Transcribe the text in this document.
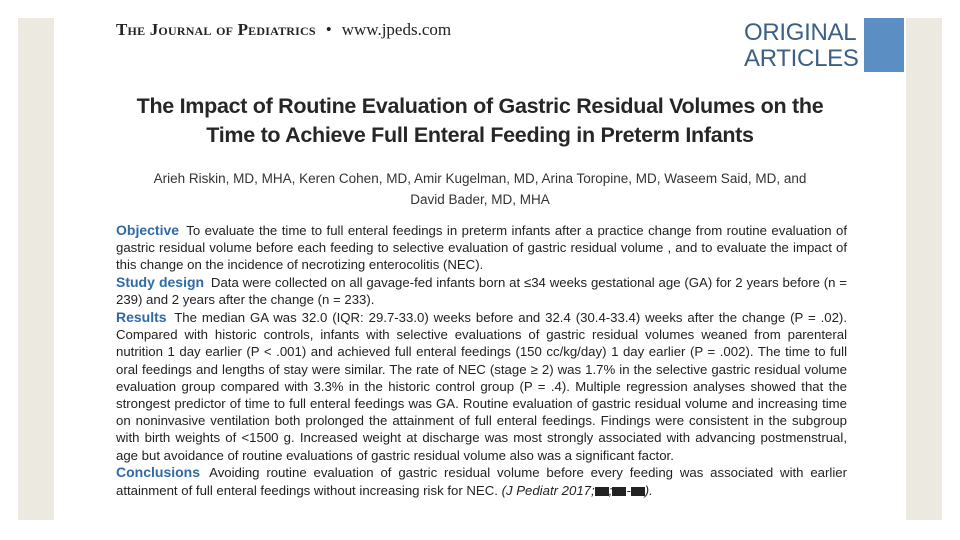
The Journal of Pediatrics • www.jpeds.com	ORIGINAL
ARTICLES
The Impact of Routine Evaluation of Gastric Residual Volumes on the
Time to Achieve Full Enteral Feeding in Preterm Infants
Arieh Riskin, MD, MHA, Keren Cohen, MD, Amir Kugelman, MD, Arina Toropine, MD, Waseem Said, MD, and
David Bader, MD, MHA

Objective To evaluate the time to full enteral feedings in preterm infants after a practice change from routine evaluation of gastric residual volume before each feeding to selective evaluation of gastric residual volume , and to evaluate the impact of this change on the incidence of necrotizing enterocolitis (NEC).

Study design Data were collected on all gavage-fed infants born at ≤34 weeks gestational age (GA) for 2 years before (n = 239) and 2 years after the change (n = 233).

Results The median GA was 32.0 (IQR: 29.7-33.0) weeks before and 32.4 (30.4-33.4) weeks after the change (P = .02). Compared with historic controls, infants with selective evaluations of gastric residual volumes weaned from parenteral nutrition 1 day earlier (P < .001) and achieved full enteral feedings (150 cc/kg/day) 1 day earlier (P = .002). The time to full oral feedings and lengths of stay were similar. The rate of NEC (stage ≥ 2) was 1.7% in the selective gastric residual volume evaluation group compared with 3.3% in the historic control group (P = .4). Multiple regression analyses showed that the strongest predictor of time to full enteral feedings was GA. Routine evaluation of gastric residual volume and increasing time on noninvasive ventilation both prolonged the attainment of full enteral feedings. Findings were consistent in the subgroup with birth weights of <1500 g. Increased weight at discharge was most strongly associated with advancing postmenstrual, age but avoidance of routine evaluations of gastric residual volume also was a significant factor.

Conclusions Avoiding routine evaluation of gastric residual volume before every feeding was associated with earlier attainment of full enteral feedings without increasing risk for NEC. (J Pediatr 2017; ; - ).
